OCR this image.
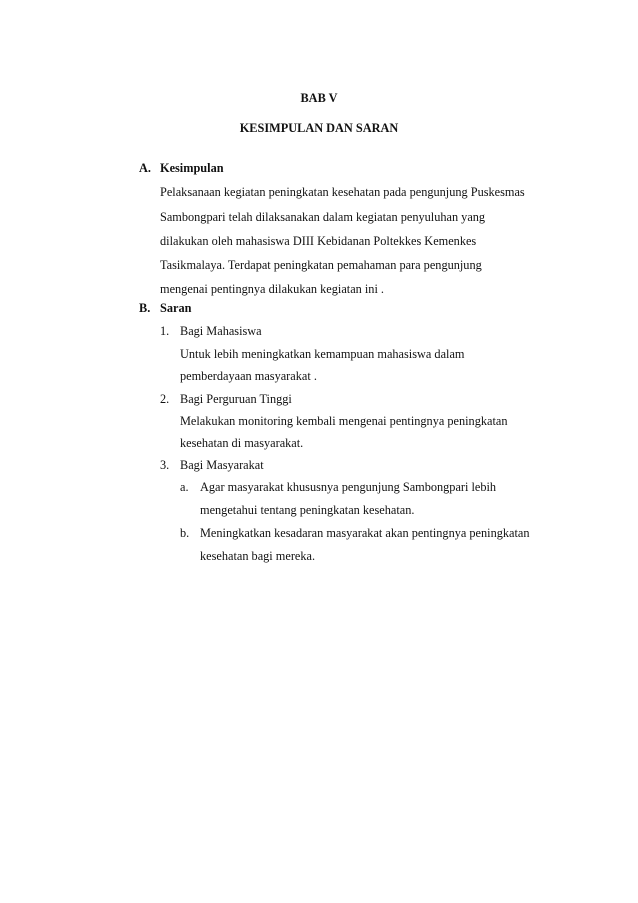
BAB V
KESIMPULAN DAN SARAN
A. Kesimpulan
Pelaksanaan kegiatan peningkatan kesehatan pada pengunjung Puskesmas
Sambongpari telah dilaksanakan dalam kegiatan penyuluhan yang
dilakukan oleh mahasiswa DIII Kebidanan Poltekkes Kemenkes
Tasikmalaya. Terdapat peningkatan pemahaman para pengunjung
mengenai pentingnya dilakukan kegiatan ini .
B. Saran
1. Bagi Mahasiswa
Untuk lebih meningkatkan kemampuan mahasiswa dalam
pemberdayaan masyarakat .
2. Bagi Perguruan Tinggi
Melakukan monitoring kembali mengenai pentingnya peningkatan
kesehatan di masyarakat.
3. Bagi Masyarakat
a. Agar masyarakat khususnya pengunjung Sambongpari lebih
mengetahui tentang peningkatan kesehatan.
b. Meningkatkan kesadaran masyarakat akan pentingnya peningkatan
kesehatan bagi mereka.
